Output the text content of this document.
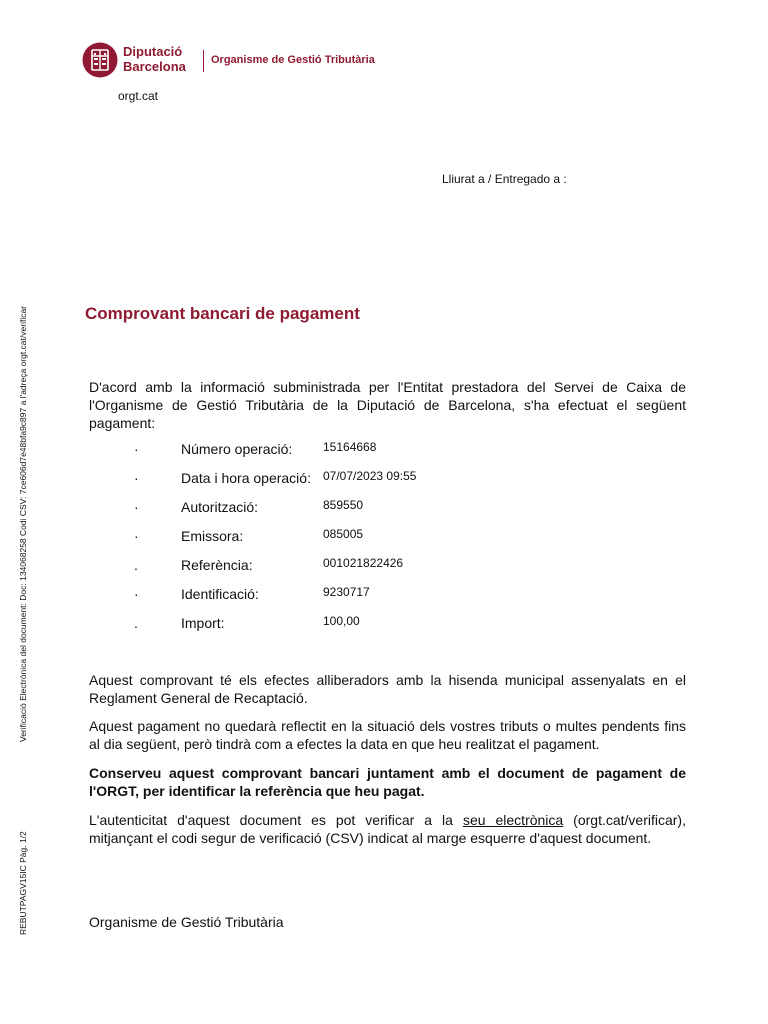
Diputació
Barcelona Organisme de Gestió Tributària
orgt.cat
Lliurat a / Entregado a :
Verificació Electrònica del document: Doc: 134068258 Codi CSV: 7ce606d7e48bfa9c897 a l'adreça orgt.cat/verificar
REBUTPAGV15IC Pàg. 1/2
Comprovant bancari de pagament
D'acord amb la informació subministrada per l'Entitat prestadora del Servei de Caixa de l'Organisme de Gestió Tributària de la Diputació de Barcelona, s'ha efectuat el següent pagament:
·	Número operació:	15164668
·	Data i hora operació: 07/07/2023 09:55
·	Autorització:	859550
·	Emissora:	085005
.	Referència:	001021822426
·	Identificació:	9230717
.	Import:	100,00
Aquest comprovant té els efectes alliberadors amb la hisenda municipal assenyalats en el Reglament General de Recaptació.
Aquest pagament no quedarà reflectit en la situació dels vostres tributs o multes pendents fins al dia següent, però tindrà com a efectes la data en que heu realitzat el pagament.
Conserveu aquest comprovant bancari juntament amb el document de pagament de l'ORGT, per identificar la referència que heu pagat.
L'autenticitat d'aquest document es pot verificar a la seu electrònica (orgt.cat/verificar), mitjançant el codi segur de verificació (CSV) indicat al marge esquerre d'aquest document.
Organisme de Gestió Tributària
